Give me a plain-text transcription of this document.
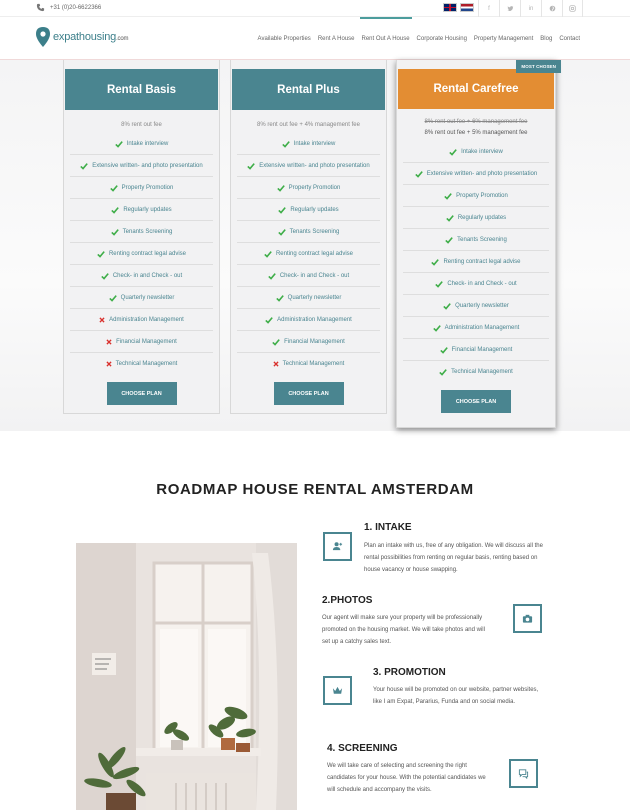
+31 (0)20-6622366	f	in
expathousing.com	Available Properties Rent A House Rent Out A House Corporate Housing Property Management Blog Contact
Rental Basis
8% rent out fee
Intake interview
Extensive written- and photo presentation
Property Promotion
Regularly updates
Tenants Screening
Renting contract legal advise
Check- in and Check - out
Quarterly newsletter
Administration Management
Financial Management
Technical Management
CHOOSE PLAN
Rental Plus
8% rent out fee + 4% management fee
Intake interview
Extensive written- and photo presentation
Property Promotion
Regularly updates
Tenants Screening
Renting contract legal advise
Check- in and Check - out
Quarterly newsletter
Administration Management
Financial Management
Technical Management
CHOOSE PLAN
MOST CHOSEN
Rental Carefree
8% rent out fee + 6% management fee
8% rent out fee + 5% management fee
Intake interview
Extensive written- and photo presentation
Property Promotion
Regularly updates
Tenants Screening
Renting contract legal advise
Check- in and Check - out
Quarterly newsletter
Administration Management
Financial Management
Technical Management
CHOOSE PLAN
ROADMAP HOUSE RENTAL AMSTERDAM
1. INTAKE

Plan an intake with us, free of any obligation. We will discuss all the rental possibilities from renting on regular basis, renting based on house vacancy or house swapping.

2.PHOTOS

Our agent will make sure your property will be professionally promoted on the housing market. We will take photos and will set up a catchy sales text.

3. PROMOTION

Your house will be promoted on our website, partner websites, like I am Expat, Pararius, Funda and on social media.

4. SCREENING

We will take care of selecting and screening the right candidates for your house. With the potential candidates we will schedule and accompany the visits.
